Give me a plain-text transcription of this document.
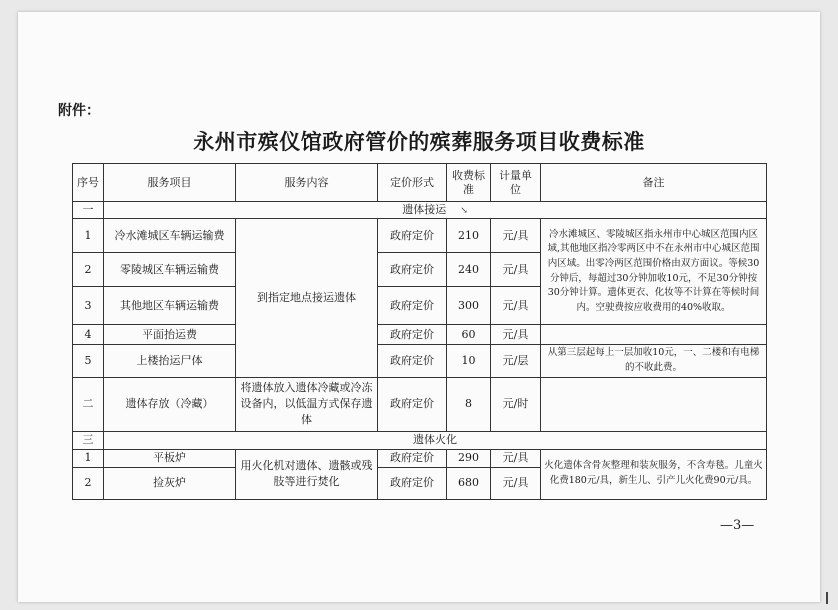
附件：
永州市殡仪馆政府管价的殡葬服务项目收费标准
序号	服务项目	服务内容	定价形式	收费标准	计量单位	备注
一	遗体接运 ↘					
1	冷水滩城区车辆运输费	到指定地点接运遗体	政府定价	210	元/具	冷水滩城区、零陵城区指永州市中心城区范围内区域,其他地区指冷零两区中不在永州市中心城区范围内区域。出零冷两区范围价格由双方面议。等候30分钟后，每超过30分钟加收10元，不足30分钟按30分钟计算。遗体更衣、化妆等不计算在等候时间内。空驶费按应收费用的40%收取。
2	零陵城区车辆运输费		政府定价	240	元/具	
3	其他地区车辆运输费		政府定价	300	元/具	
4	平面抬运费		政府定价	60	元/具	
5	上楼抬运尸体		政府定价	10	元/层	从第三层起每上一层加收10元，一、二楼和有电梯的不收此费。
二	遗体存放（冷藏）	将遗体放入遗体冷藏或冷冻设备内，以低温方式保存遗体	政府定价	8	元/时	
三	遗体火化					
1	平板炉	用火化机对遗体、遗骸或残肢等进行焚化	政府定价	290	元/具	火化遗体含骨灰整理和装灰服务，不含寿毯。儿童火化费180元/具，新生儿、引产儿火化费90元/具。
2	捡灰炉		政府定价	680	元/具	
—3—
